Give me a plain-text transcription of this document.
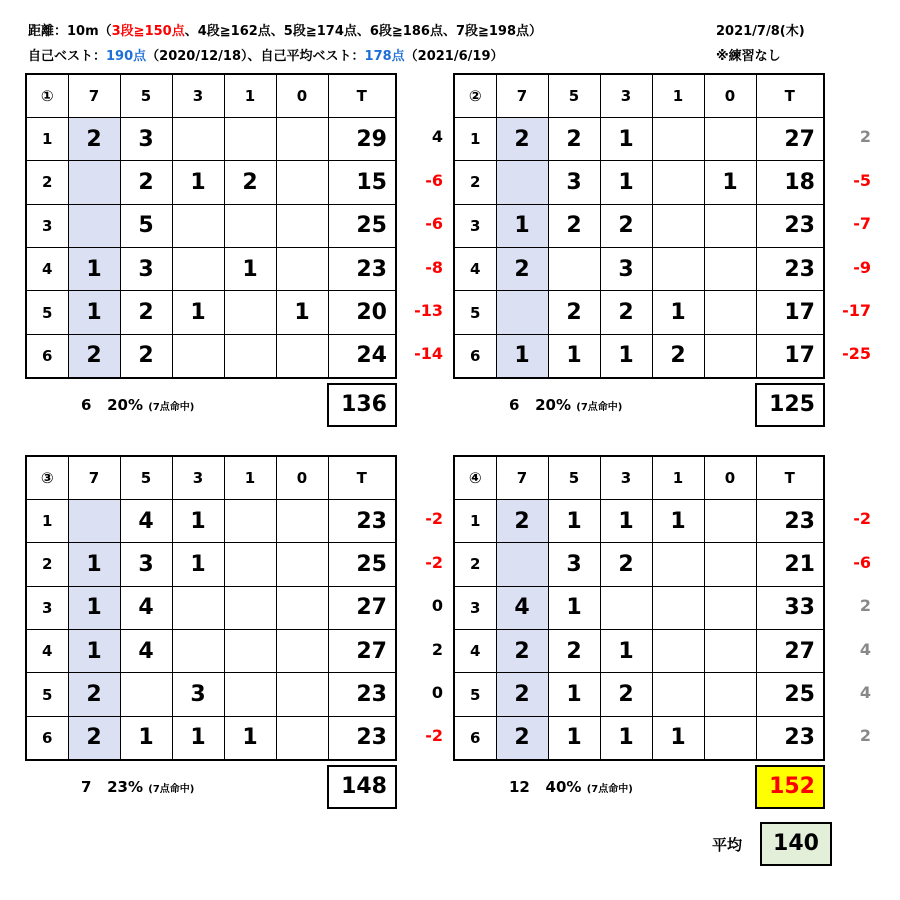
距離：10m（3段≧150点、4段≧162点、5段≧174点、6段≧186点、7段≧198点）	2021/7/8(木)
自己ベスト：190点（2020/12/18）、自己平均ベスト：178点（2021/6/19）	※練習なし
4
-6
-6
-8
-13
-14
①	7	5	3	1	0	T
1	2	3				29
2		2	1	2		15
3		5				25
4	1	3		1		23
5	1	2	1		1	20
6	2	2				24
6 20% (7点命中)	136
2
-5
-7
-9
-17
-25
②	7	5	3	1	0	T
1	2	2	1			27
2		3	1		1	18
3	1	2	2			23
4	2		3			23
5		2	2	1		17
6	1	1	1	2		17
6 20% (7点命中)	125
-2
-2
0
2
0
-2
③	7	5	3	1	0	T
1		4	1			23
2	1	3	1			25
3	1	4				27
4	1	4				27
5	2		3			23
6	2	1	1	1		23
7 23% (7点命中)	148
-2
-6
2
4
4
2
④	7	5	3	1	0	T
1	2	1	1	1		23
2		3	2			21
3	4	1				33
4	2	2	1			27
5	2	1	2			25
6	2	1	1	1		23
12 40% (7点命中)	152
平均	140
